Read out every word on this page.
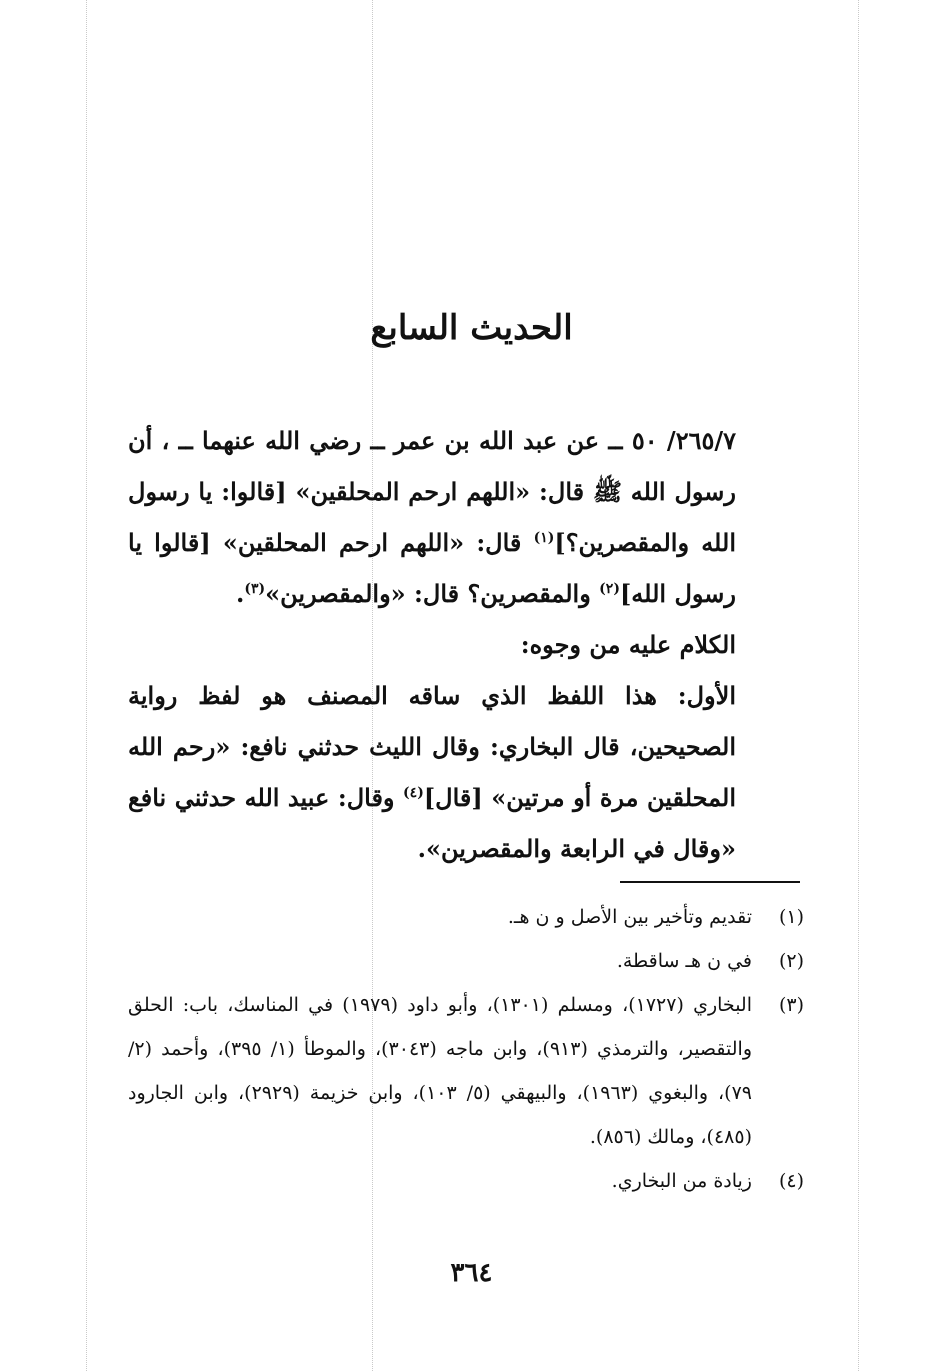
الحديث السابع

٢٦٥/٧/ ٥٠ ــ عن عبد الله بن عمر ــ رضي الله عنهما ــ ، أن رسول الله ﷺ قال: «اللهم ارحم المحلقين» [قالوا: يا رسول الله والمقصرين؟]$^{(١)}$ قال: «اللهم ارحم المحلقين» [قالوا يا رسول الله]$^{(٢)}$ والمقصرين؟ قال: «والمقصرين»$^{(٣)}$.

الكلام عليه من وجوه:

الأول: هذا اللفظ الذي ساقه المصنف هو لفظ رواية الصحيحين، قال البخاري: وقال الليث حدثني نافع: «رحم الله المحلقين مرة أو مرتين» [قال]$^{(٤)}$ وقال: عبيد الله حدثني نافع «وقال في الرابعة والمقصرين».

(١)
تقديم وتأخير بين الأصل و ن هـ.
(٢)
في ن هـ ساقطة.
(٣)
البخاري (١٧٢٧)، ومسلم (١٣٠١)، وأبو داود (١٩٧٩) في المناسك، باب: الحلق والتقصير، والترمذي (٩١٣)، وابن ماجه (٣٠٤٣)، والموطأ (١/ ٣٩٥)، وأحمد (٢/ ٧٩)، والبغوي (١٩٦٣)، والبيهقي (٥/ ١٠٣)، وابن خزيمة (٢٩٢٩)، وابن الجارود (٤٨٥)، ومالك (٨٥٦).
(٤)
زيادة من البخاري.
٣٦٤
